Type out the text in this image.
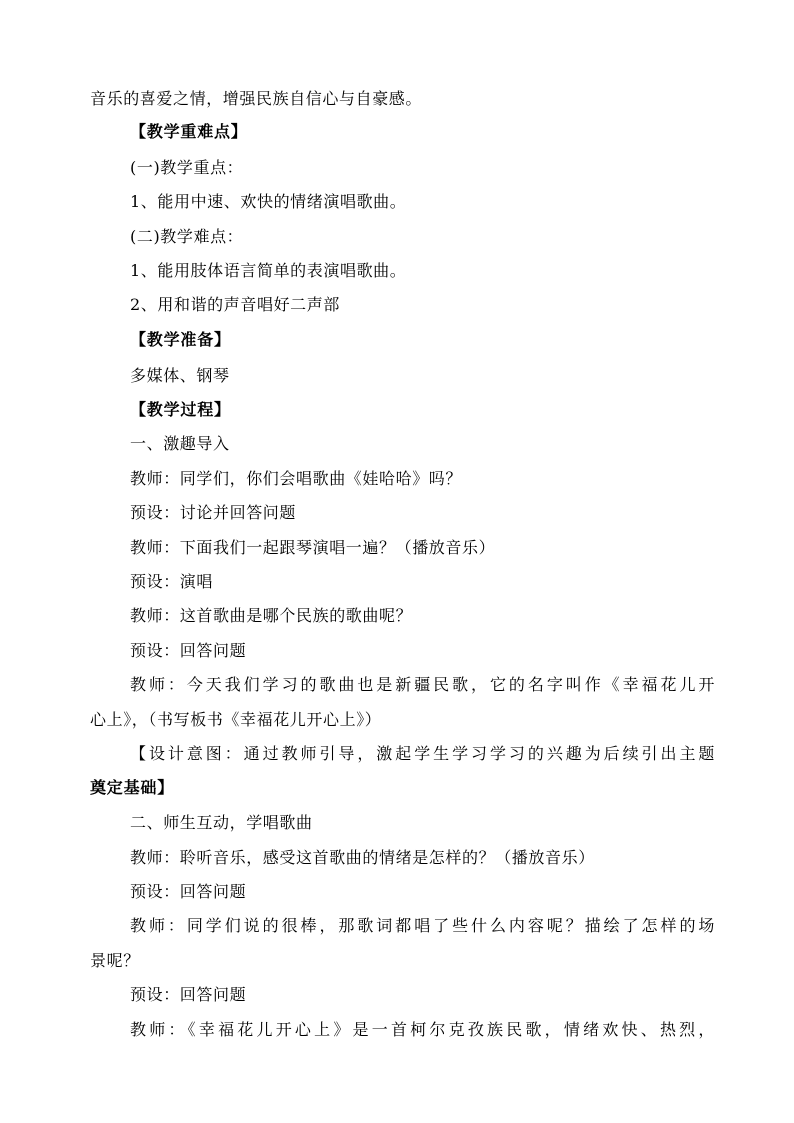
音乐的喜爱之情，增强民族自信心与自豪感。
【教学重难点】
(一)教学重点：
1、能用中速、欢快的情绪演唱歌曲。
(二)教学难点：
1、能用肢体语言简单的表演唱歌曲。
2、用和谐的声音唱好二声部
【教学准备】
多媒体、钢琴
【教学过程】
一、激趣导入
教师：同学们，你们会唱歌曲《娃哈哈》吗？
预设：讨论并回答问题
教师：下面我们一起跟琴演唱一遍？（播放音乐）
预设：演唱
教师：这首歌曲是哪个民族的歌曲呢？
预设：回答问题
教师：今天我们学习的歌曲也是新疆民歌，它的名字叫作《幸福花儿开
心上》，（书写板书《幸福花儿开心上》）
【设计意图：通过教师引导，激起学生学习学习的兴趣为后续引出主题
奠定基础】
二、师生互动，学唱歌曲
教师：聆听音乐，感受这首歌曲的情绪是怎样的？（播放音乐）
预设：回答问题
教师：同学们说的很棒，那歌词都唱了些什么内容呢？描绘了怎样的场
景呢？
预设：回答问题
教师：《幸福花儿开心上》是一首柯尔克孜族民歌，情绪欢快、热烈，
